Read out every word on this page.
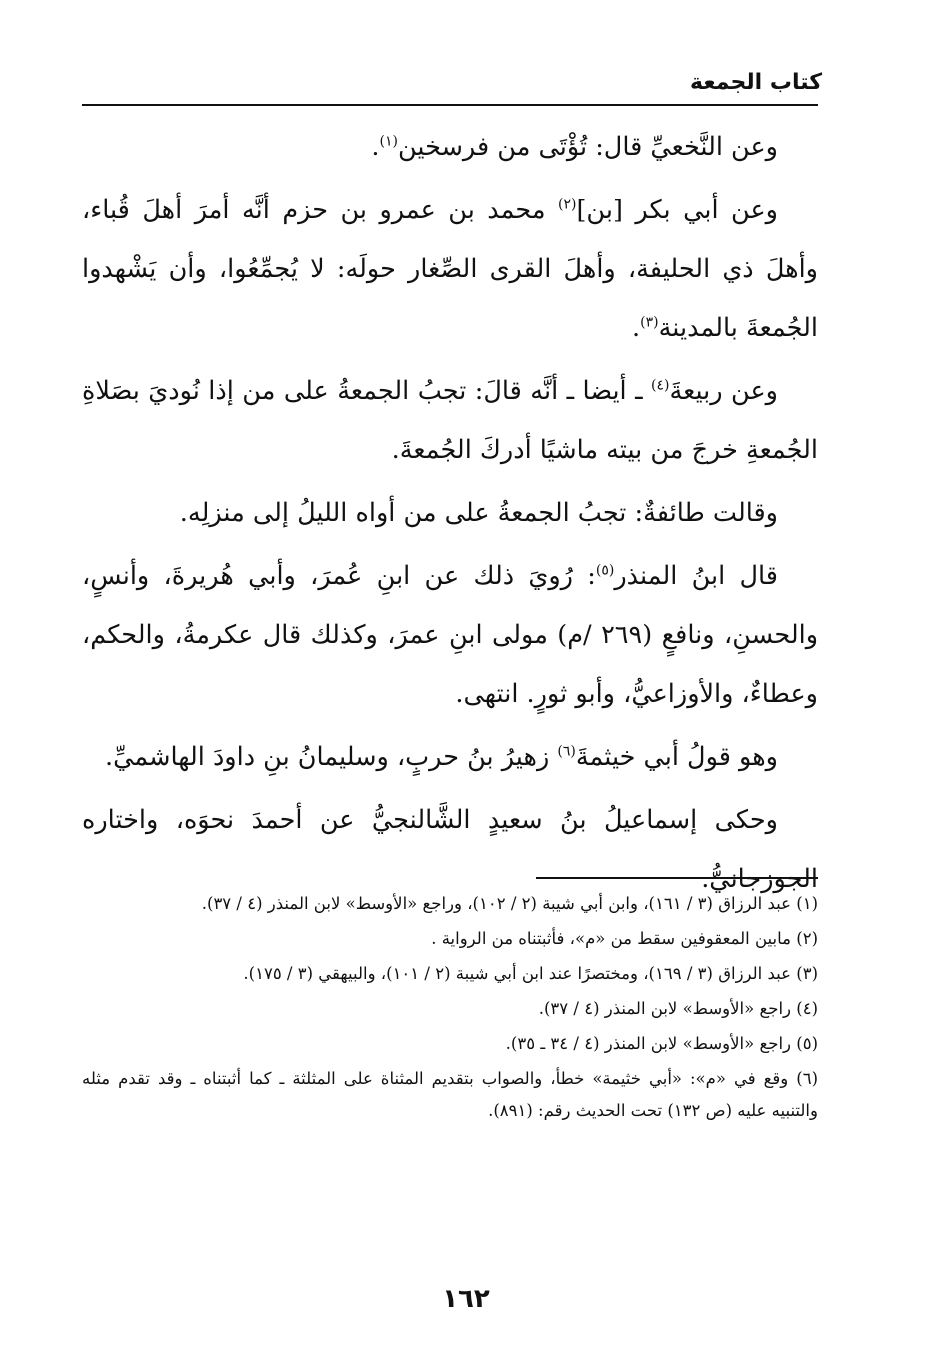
كتاب الجمعة

وعن النَّخعيِّ قال: تُؤْتَى من فرسخين$^{(١)}$.

وعن أبي بكر [بن]$^{(٢)}$ محمد بن عمرو بن حزم أنَّه أمرَ أهلَ قُباء، وأهلَ ذي الحليفة، وأهلَ القرى الصِّغار حولَه: لا يُجمِّعُوا، وأن يَشْهدوا الجُمعةَ بالمدينة$^{(٣)}$.

وعن ربيعةَ$^{(٤)}$ ـ أيضا ـ أنَّه قالَ: تجبُ الجمعةُ على من إذا نُوديَ بصَلاةِ الجُمعةِ خرجَ من بيته ماشيًا أدركَ الجُمعةَ.

وقالت طائفةٌ: تجبُ الجمعةُ على من أواه الليلُ إلى منزلِه.

قال ابنُ المنذر$^{(٥)}$: رُويَ ذلك عن ابنِ عُمرَ، وأبي هُريرةَ، وأنسٍ، والحسنِ، ونافعٍ (٢٦٩ /م) مولى ابنِ عمرَ، وكذلك قال عكرمةُ، والحكم، وعطاءٌ، والأوزاعيُّ، وأبو ثورٍ. انتهى.

وهو قولُ أبي خيثمةَ$^{(٦)}$ زهيرُ بنُ حربٍ، وسليمانُ بنِ داودَ الهاشميِّ.

وحكى إسماعيلُ بنُ سعيدٍ الشَّالنجيُّ عن أحمدَ نحوَه، واختاره الجوزجانيُّ.

(١) عبد الرزاق (٣ / ١٦١)، وابن أبي شيبة (٢ / ١٠٢)، وراجع «الأوسط» لابن المنذر (٤ / ٣٧).

(٢) مابين المعقوفين سقط من «م»، فأثبتناه من الرواية .

(٣) عبد الرزاق (٣ / ١٦٩)، ومختصرًا عند ابن أبي شيبة (٢ / ١٠١)، والبيهقي (٣ / ١٧٥).

(٤) راجع «الأوسط» لابن المنذر (٤ / ٣٧).

(٥) راجع «الأوسط» لابن المنذر (٤ / ٣٤ ـ ٣٥).

(٦) وقع في «م»: «أبي خثيمة» خطأ، والصواب بتقديم المثناة على المثلثة ـ كما أثبتناه ـ وقد تقدم مثله والتنبيه عليه (ص ١٣٢) تحت الحديث رقم: (٨٩١).

١٦٢
